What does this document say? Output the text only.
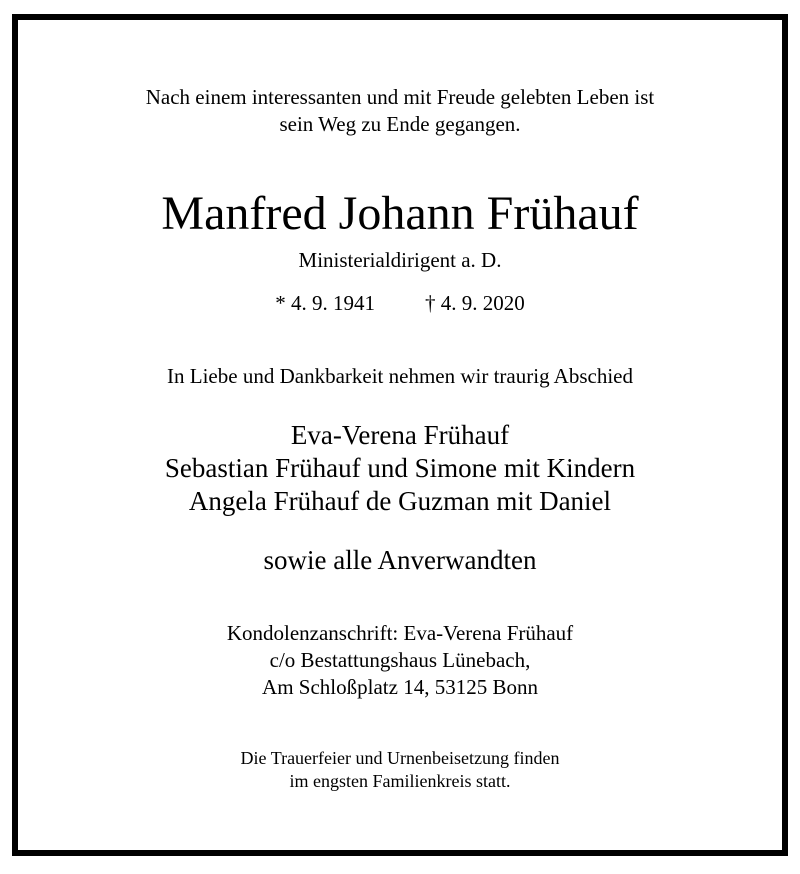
Nach einem interessanten und mit Freude gelebten Leben ist
sein Weg zu Ende gegangen.
Manfred Johann Frühauf
Ministerialdirigent a. D.
* 4. 9. 1941 † 4. 9. 2020
In Liebe und Dankbarkeit nehmen wir traurig Abschied
Eva-Verena Frühauf
Sebastian Frühauf und Simone mit Kindern
Angela Frühauf de Guzman mit Daniel
sowie alle Anverwandten
Kondolenzanschrift: Eva-Verena Frühauf
c/o Bestattungshaus Lünebach,
Am Schloßplatz 14, 53125 Bonn
Die Trauerfeier und Urnenbeisetzung finden
im engsten Familienkreis statt.
